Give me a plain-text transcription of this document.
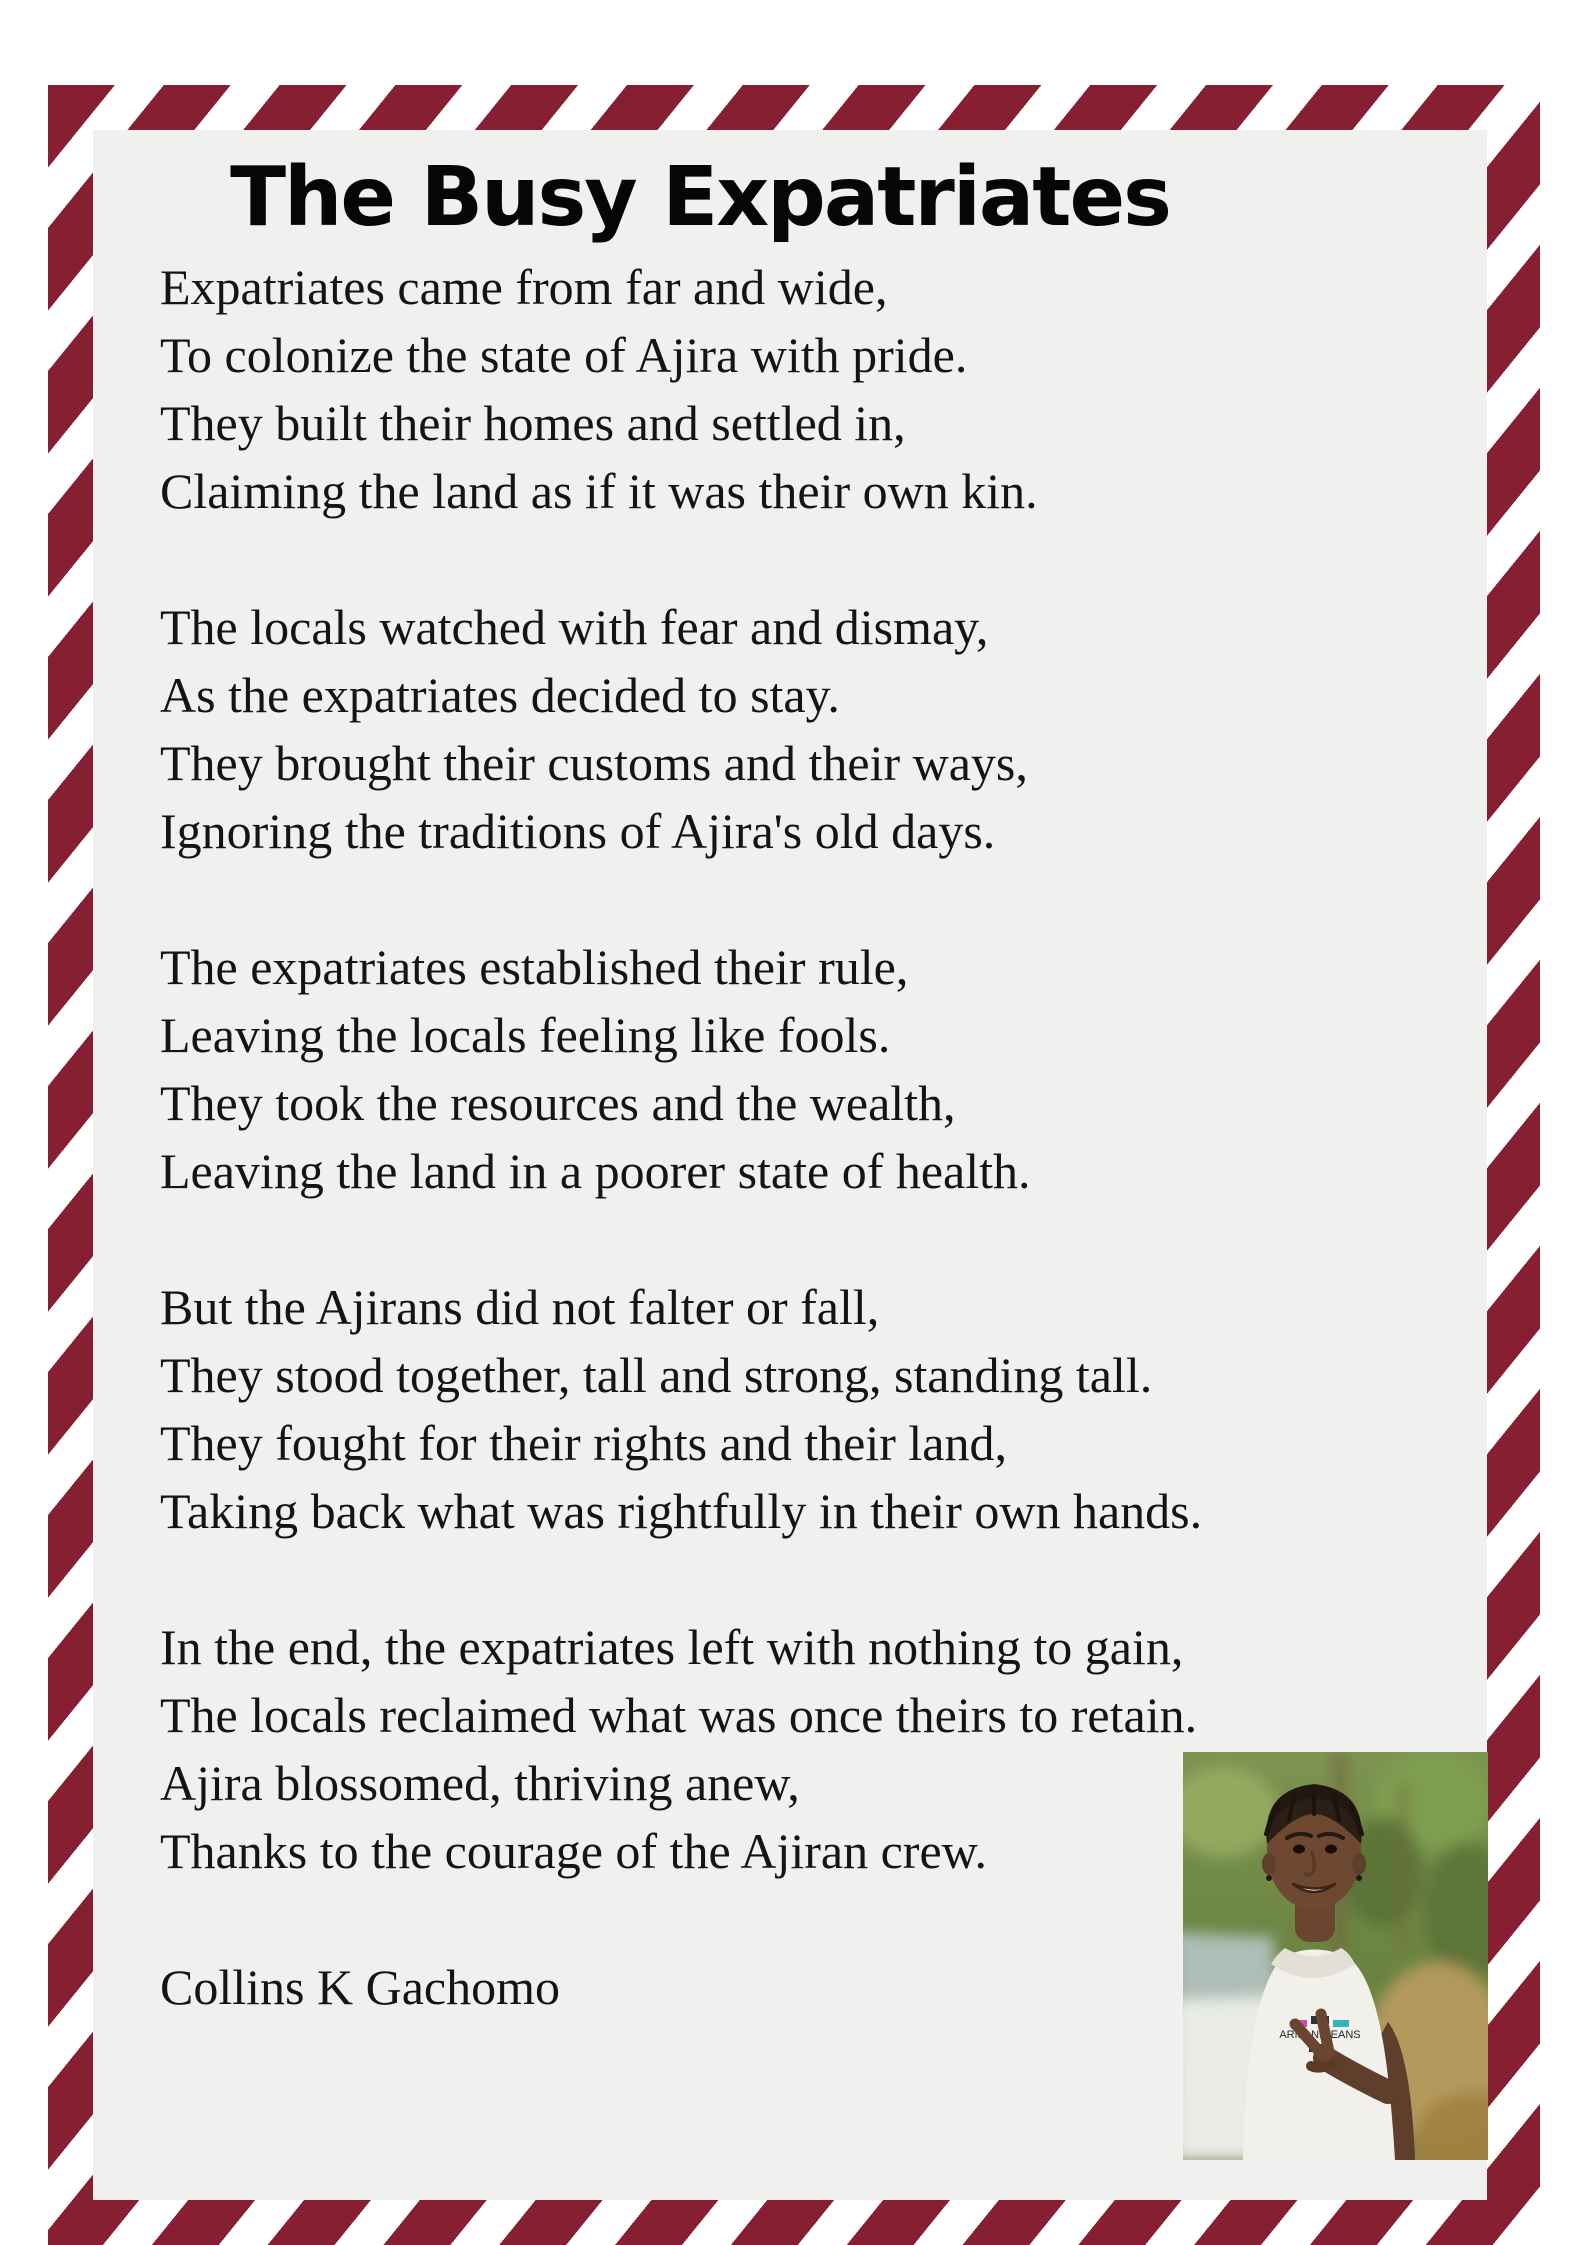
The Busy Expatriates

Expatriates came from far and wide,
To colonize the state of Ajira with pride.
They built their homes and settled in,
Claiming the land as if it was their own kin.

The locals watched with fear and dismay,
As the expatriates decided to stay.
They brought their customs and their ways,
Ignoring the traditions of Ajira's old days.

The expatriates established their rule,
Leaving the locals feeling like fools.
They took the resources and the wealth,
Leaving the land in a poorer state of health.

But the Ajirans did not falter or fall,
They stood together, tall and strong, standing tall.
They fought for their rights and their land,
Taking back what was rightfully in their own hands.

In the end, the expatriates left with nothing to gain,
The locals reclaimed what was once theirs to retain.
Ajira blossomed, thriving anew,
Thanks to the courage of the Ajiran crew.

Collins K Gachomo

ARMANI JEANS
